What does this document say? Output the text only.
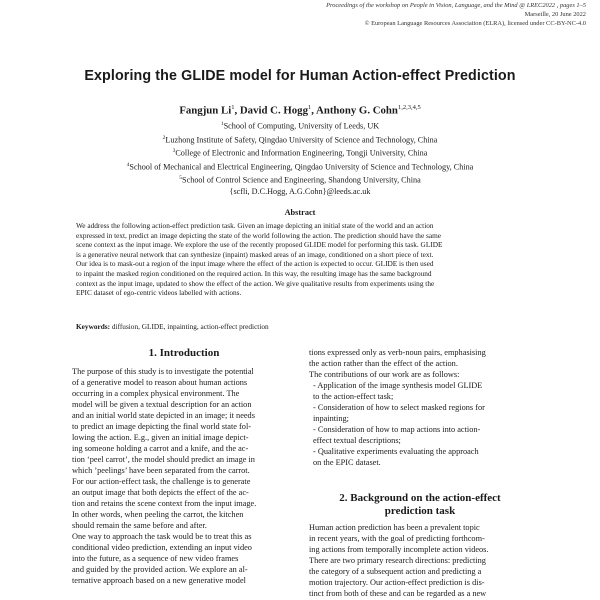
Proceedings of the workshop on People in Vision, Language, and the Mind @ LREC2022 , pages 1–5
Marseille, 20 June 2022
© European Language Resources Association (ELRA), licensed under CC-BY-NC-4.0
Exploring the GLIDE model for Human Action-effect Prediction
Fangjun Li$^1$, David C. Hogg$^1$, Anthony G. Cohn$^{1,2,3,4,5}$
$^1$School of Computing, University of Leeds, UK
$^2$Luzhong Institute of Safety, Qingdao University of Science and Technology, China
$^3$College of Electronic and Information Engineering, Tongji University, China
$^4$School of Mechanical and Electrical Engineering, Qingdao University of Science and Technology, China
$^5$School of Control Science and Engineering, Shandong University, China
{scfli, D.C.Hogg, A.G.Cohn}@leeds.ac.uk
Abstract
We address the following action-effect prediction task. Given an image depicting an initial state of the world and an action
expressed in text, predict an image depicting the state of the world following the action. The prediction should have the same
scene context as the input image. We explore the use of the recently proposed GLIDE model for performing this task. GLIDE
is a generative neural network that can synthesize (inpaint) masked areas of an image, conditioned on a short piece of text.
Our idea is to mask-out a region of the input image where the effect of the action is expected to occur. GLIDE is then used
to inpaint the masked region conditioned on the required action. In this way, the resulting image has the same background
context as the input image, updated to show the effect of the action. We give qualitative results from experiments using the
EPIC dataset of ego-centric videos labelled with actions.
Keywords: diffusion, GLIDE, inpainting, action-effect prediction
1. Introduction
The purpose of this study is to investigate the potential
of a generative model to reason about human actions
occurring in a complex physical environment. The
model will be given a textual description for an action
and an initial world state depicted in an image; it needs
to predict an image depicting the final world state fol-
lowing the action. E.g., given an initial image depict-
ing someone holding a carrot and a knife, and the ac-
tion ‘peel carrot’, the model should predict an image in
which ’peelings’ have been separated from the carrot.
For our action-effect task, the challenge is to generate
an output image that both depicts the effect of the ac-
tion and retains the scene context from the input image.
In other words, when peeling the carrot, the kitchen
should remain the same before and after.
One way to approach the task would be to treat this as
conditional video prediction, extending an input video
into the future, as a sequence of new video frames
and guided by the provided action. We explore an al-
ternative approach based on a new generative model
tions expressed only as verb-noun pairs, emphasising
the action rather than the effect of the action.
The contributions of our work are as follows:
- Application of the image synthesis model GLIDE
to the action-effect task;
- Consideration of how to select masked regions for
inpainting;
- Consideration of how to map actions into action-
effect textual descriptions;
- Qualitative experiments evaluating the approach
on the EPIC dataset.
2. Background on the action-effect
prediction task
Human action prediction has been a prevalent topic
in recent years, with the goal of predicting forthcom-
ing actions from temporally incomplete action videos.
There are two primary research directions: predicting
the category of a subsequent action and predicting a
motion trajectory. Our action-effect prediction is dis-
tinct from both of these and can be regarded as a new
